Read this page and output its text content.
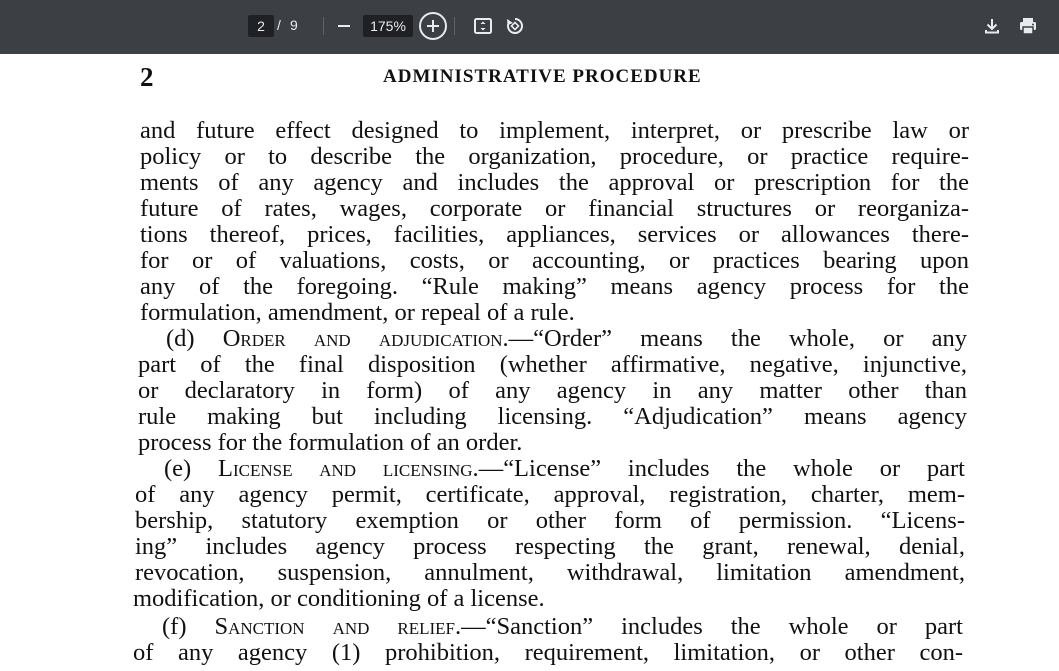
2 / 9	175%
2	ADMINISTRATIVE PROCEDURE
and future effect designed to implement, interpret, or prescribe law or
policy or to describe the organization, procedure, or practice require-
ments of any agency and includes the approval or prescription for the
future of rates, wages, corporate or financial structures or reorganiza-
tions thereof, prices, facilities, appliances, services or allowances there-
for or of valuations, costs, or accounting, or practices bearing upon
any of the foregoing. “Rule making” means agency process for the
formulation, amendment, or repeal of a rule.
(d) Order and adjudication.—“Order” means the whole, or any
part of the final disposition (whether affirmative, negative, injunctive,
or declaratory in form) of any agency in any matter other than
rule making but including licensing. “Adjudication” means agency
process for the formulation of an order.
(e) License and licensing.—“License” includes the whole or part
of any agency permit, certificate, approval, registration, charter, mem-
bership, statutory exemption or other form of permission. “Licens-
ing” includes agency process respecting the grant, renewal, denial,
revocation, suspension, annulment, withdrawal, limitation amendment,
modification, or conditioning of a license.
(f) Sanction and relief.—“Sanction” includes the whole or part
of any agency (1) prohibition, requirement, limitation, or other con-
